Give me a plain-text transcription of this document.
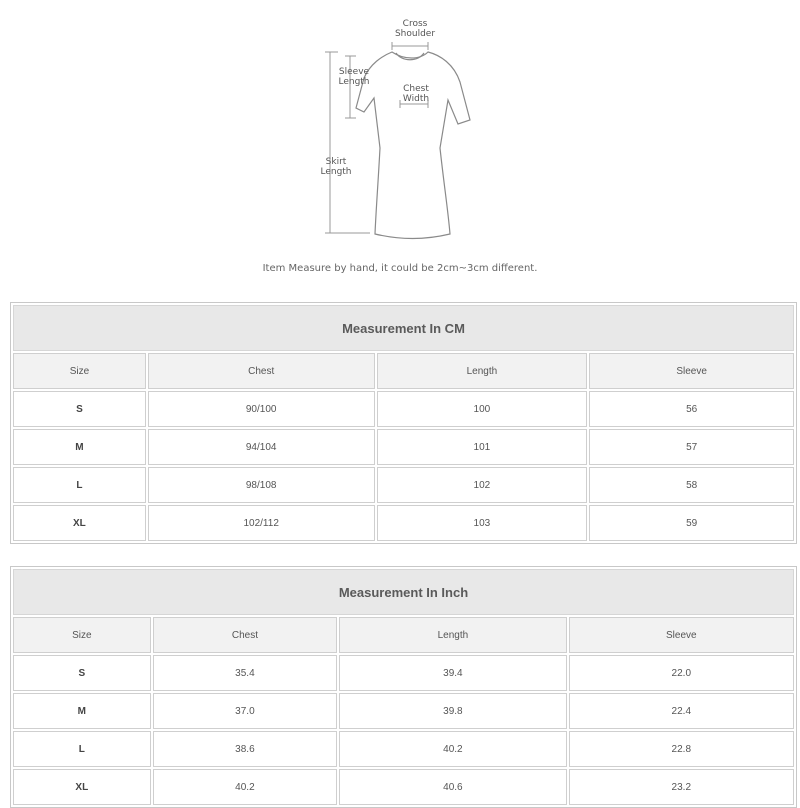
Cross
Shoulder
Sleeve
Length
Chest
Width
Skirt
Length
Item Measure by hand, it could be 2cm~3cm different.
Measurement In CM
Size	Chest	Length	Sleeve
S	90/100	100	56
M	94/104	101	57
L	98/108	102	58
XL	102/112	103	59
Measurement In Inch
Size	Chest	Length	Sleeve
S	35.4	39.4	22.0
M	37.0	39.8	22.4
L	38.6	40.2	22.8
XL	40.2	40.6	23.2
